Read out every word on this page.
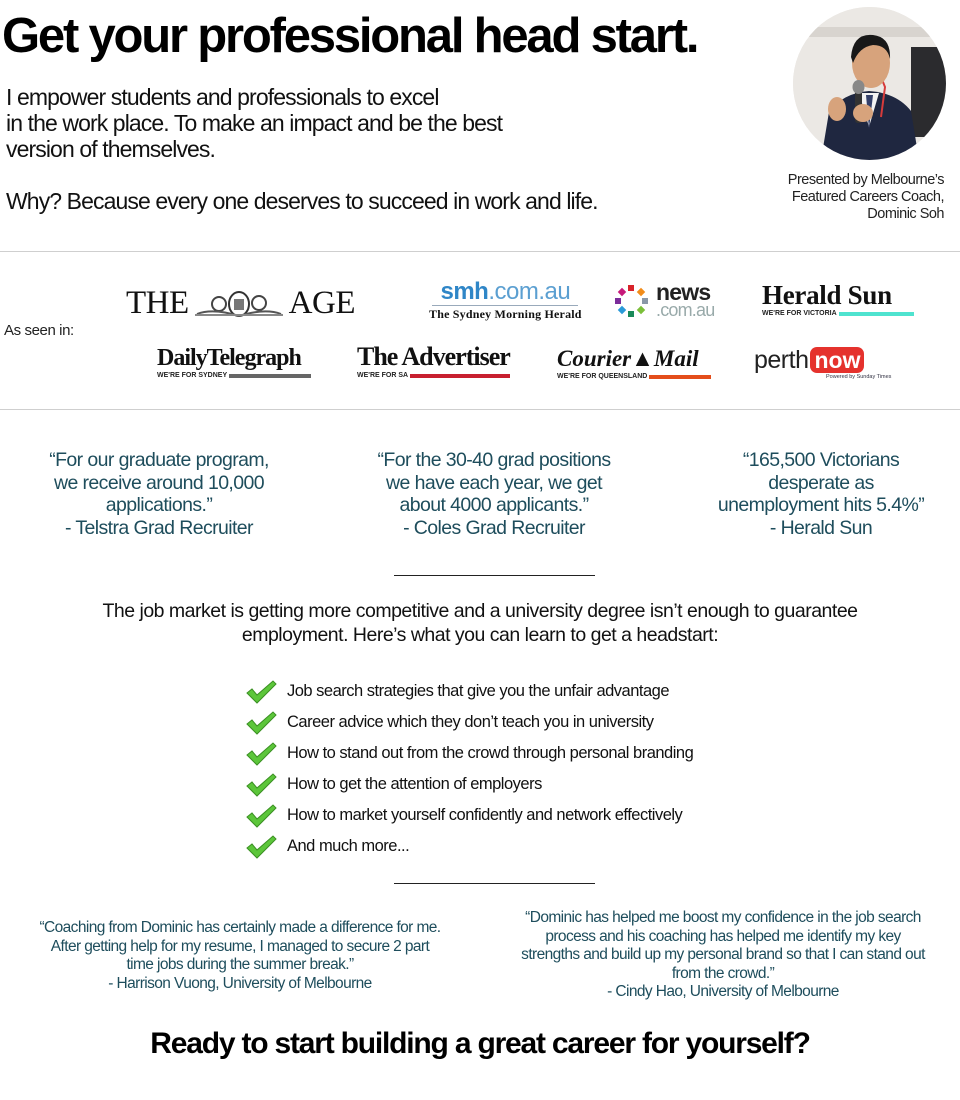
Get your professional head start.
I empower students and professionals to excel
in the work place. To make an impact and be the best
version of themselves.
Why? Because every one deserves to succeed in work and life.
Presented by Melbourne’s
Featured Careers Coach,
Dominic Soh
As seen in:
THE	AGE	smh.com.au
The Sydney Morning Herald
news
.com.au Herald Sun
WE'RE FOR VICTORIA
DailyTelegraph
WE'RE FOR SYDNEY
The Advertiser
WE'RE FOR SA
Courier▲Mail
WE'RE FOR QUEENSLAND
perth now
Powered by Sunday Times
“For our graduate program,
we receive around 10,000
applications.”
- Telstra Grad Recruiter
“For the 30-40 grad positions
we have each year, we get
about 4000 applicants.”
- Coles Grad Recruiter
“165,500 Victorians
desperate as
unemployment hits 5.4%”
- Herald Sun
The job market is getting more competitive and a university degree isn’t enough to guarantee
employment. Here’s what you can learn to get a headstart:
Job search strategies that give you the unfair advantage
Career advice which they don’t teach you in university
How to stand out from the crowd through personal branding
How to get the attention of employers
How to market yourself confidently and network effectively
And much more...
“Coaching from Dominic has certainly made a difference for me.
After getting help for my resume, I managed to secure 2 part
time jobs during the summer break.”
- Harrison Vuong, University of Melbourne
“Dominic has helped me boost my confidence in the job search
process and his coaching has helped me identify my key
strengths and build up my personal brand so that I can stand out
from the crowd.”
- Cindy Hao, University of Melbourne
Ready to start building a great career for yourself?
